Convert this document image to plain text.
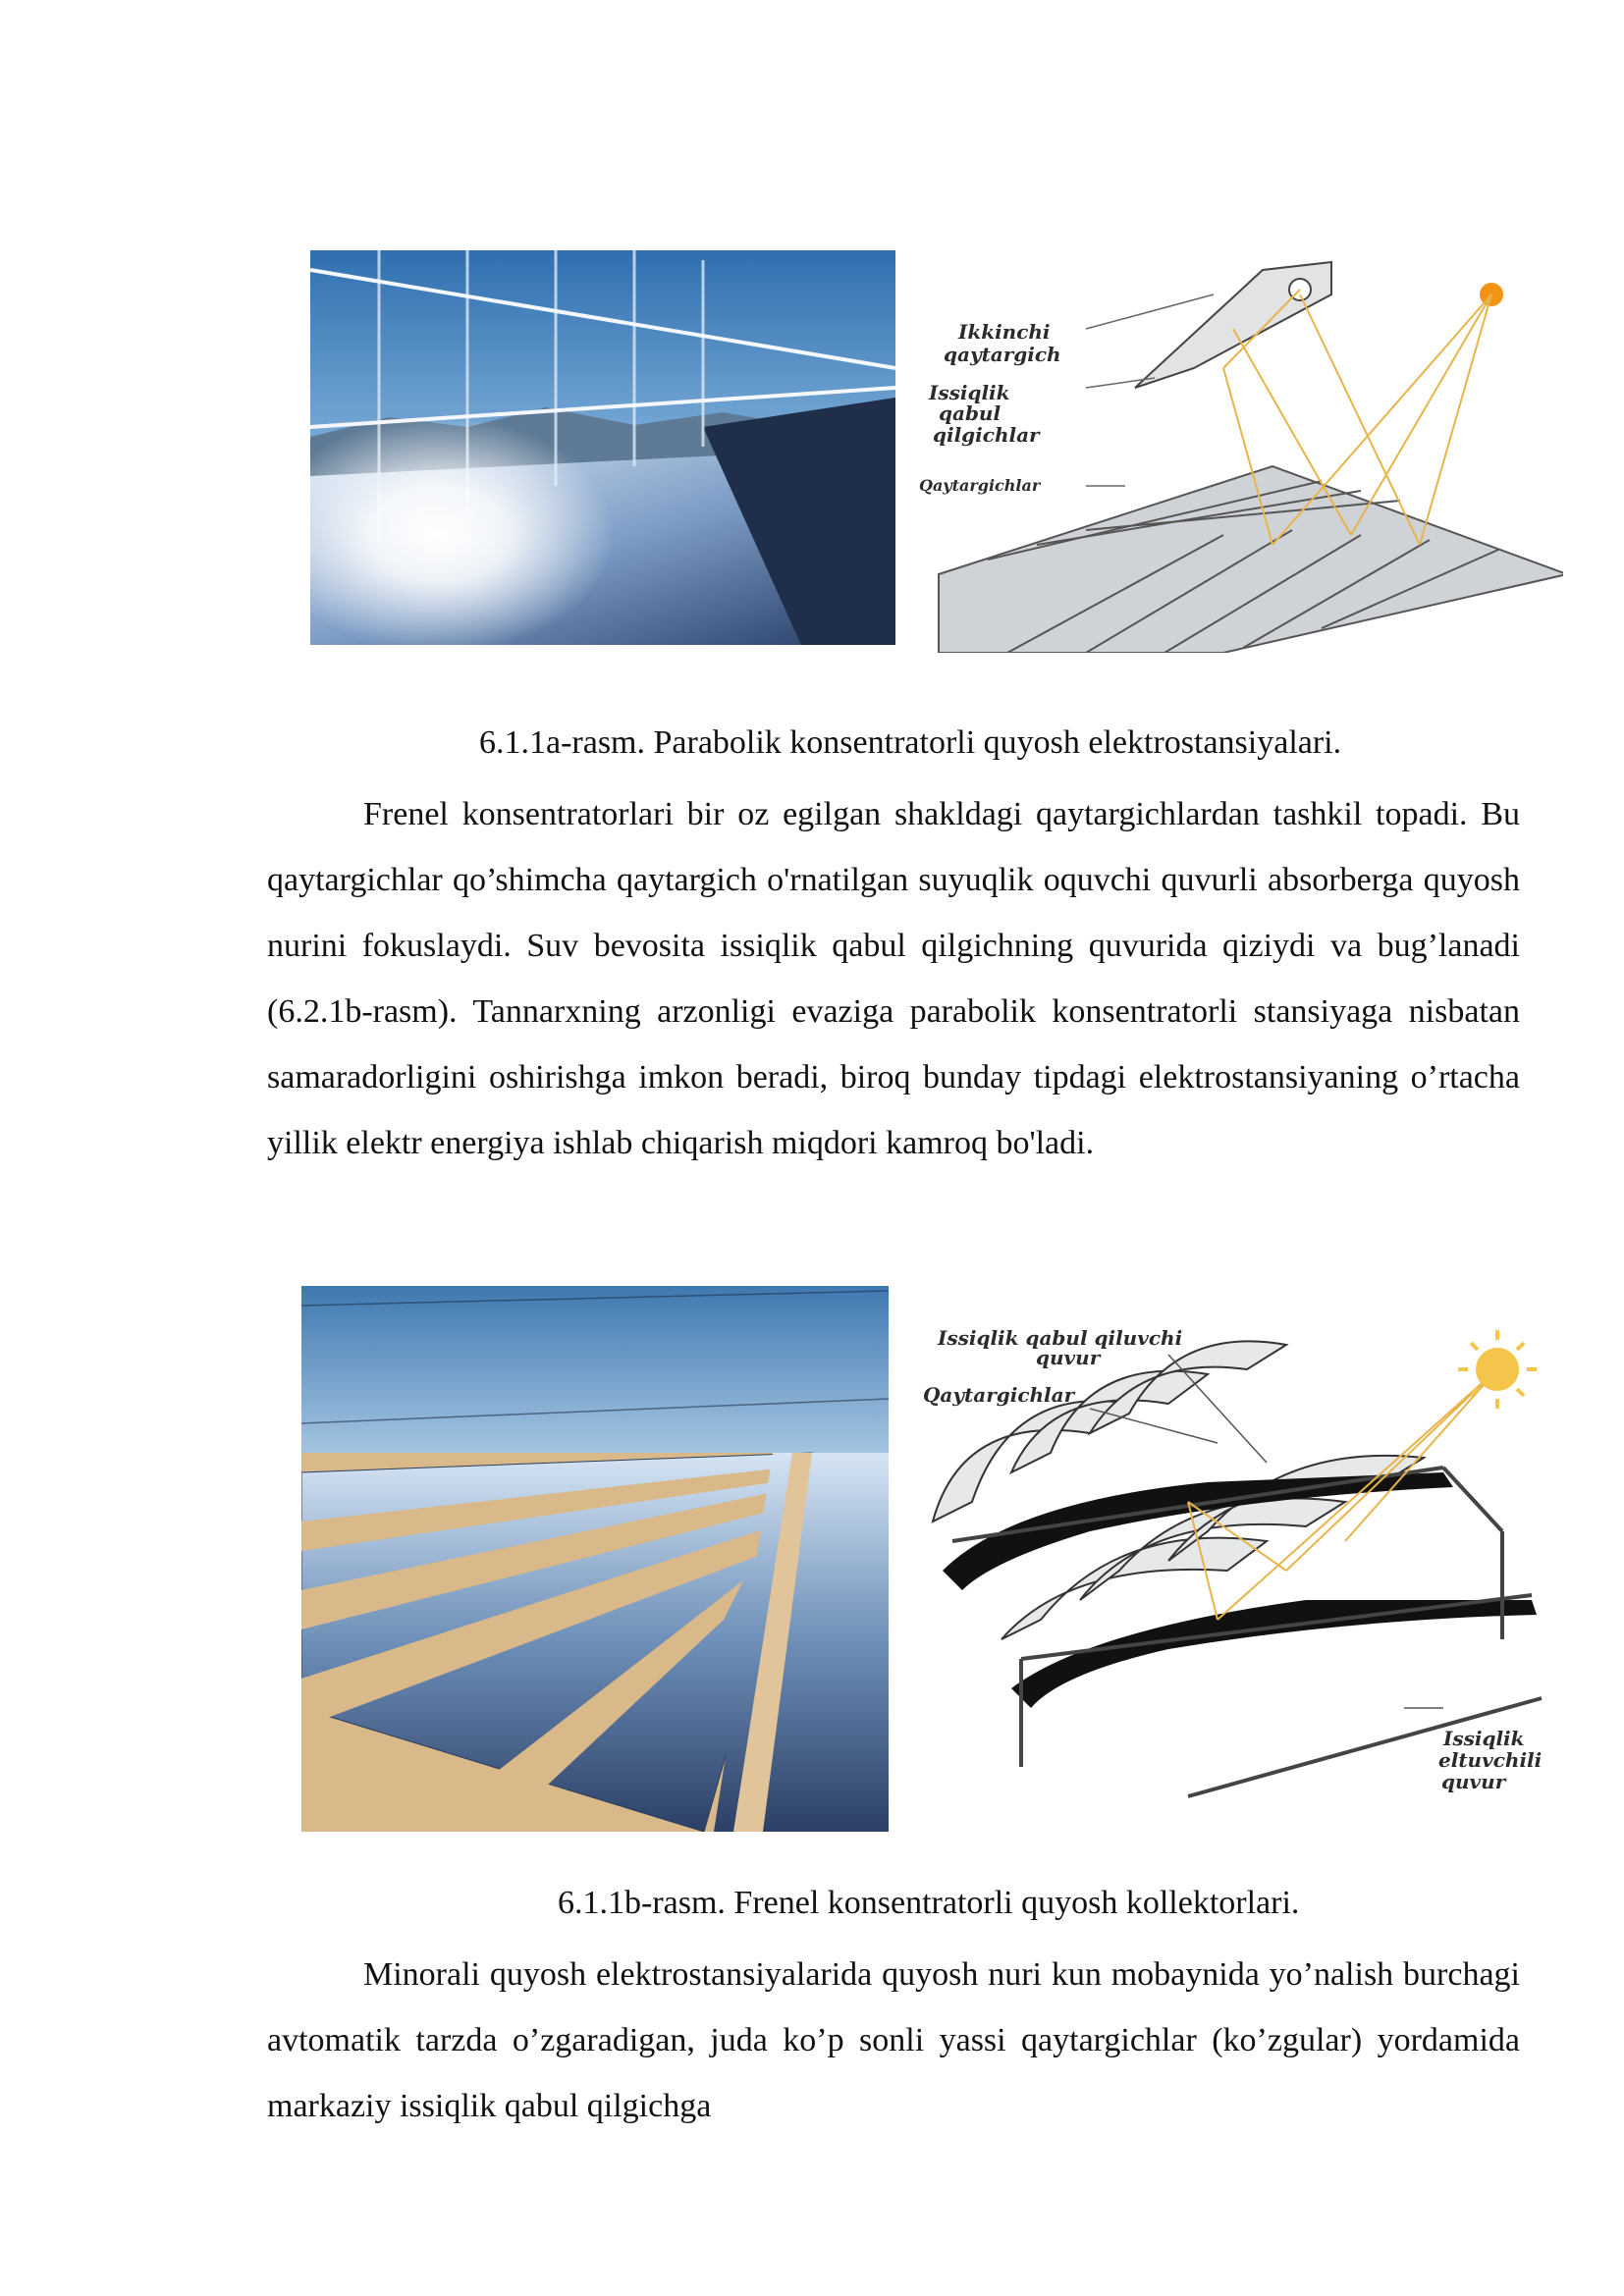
Ikkinchi
qaytargich
Issiqlik
qabul
qilgichlar
Qaytargichlar
6.1.1a-rasm. Parabolik konsentratorli quyosh elektrostansiyalari.

Frenel konsentratorlari bir oz egilgan shakldagi qaytargichlardan tashkil topadi. Bu qaytargichlar qo’shimcha qaytargich o'rnatilgan suyuqlik oquvchi quvurli absorberga quyosh nurini fokuslaydi. Suv bevosita issiqlik qabul qilgichning quvurida qiziydi va bug’lanadi (6.2.1b-rasm). Tannarxning arzonligi evaziga parabolik konsentratorli stansiyaga nisbatan samaradorligini oshirishga imkon beradi, biroq bunday tipdagi elektrostansiyaning o’rtacha yillik elektr energiya ishlab chiqarish miqdori kamroq bo'ladi.

Issiqlik qabul qiluvchi
quvur
Qaytargichlar
Issiqlik
eltuvchili
quvur
6.1.1b-rasm. Frenel konsentratorli quyosh kollektorlari.

Minorali quyosh elektrostansiyalarida quyosh nuri kun mobaynida yo’nalish burchagi avtomatik tarzda o’zgaradigan, juda ko’p sonli yassi qaytargichlar (ko’zgular) yordamida markaziy issiqlik qabul qilgichga
